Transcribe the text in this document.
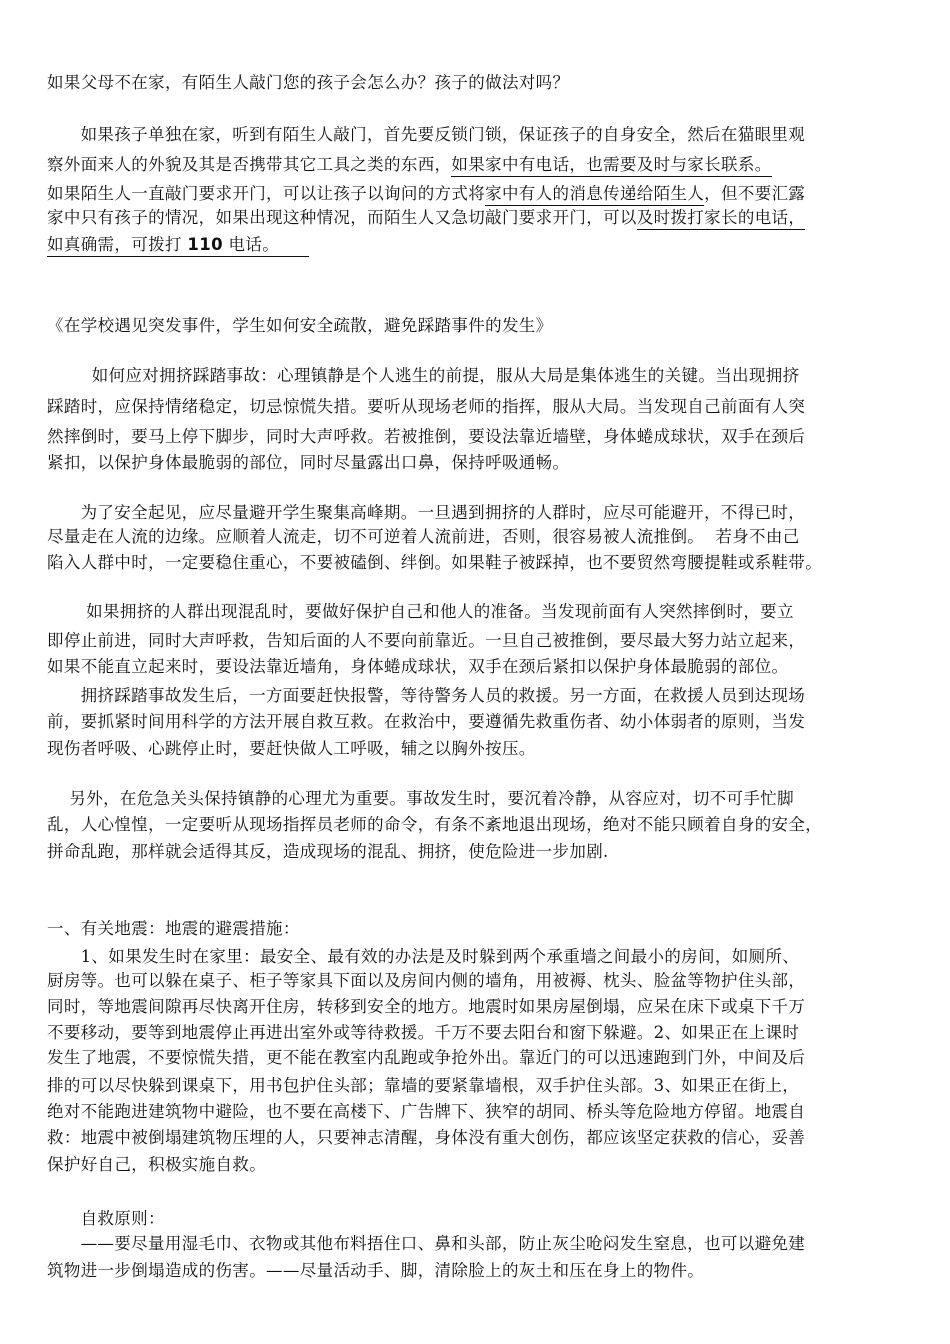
如果父母不在家，有陌生人敲门您的孩子会怎么办？孩子的做法对吗？
如果孩子单独在家，听到有陌生人敲门，首先要反锁门锁，保证孩子的自身安全，然后在猫眼里观
察外面来人的外貌及其是否携带其它工具之类的东西，如果家中有电话，也需要及时与家长联系。
如果陌生人一直敲门要求开门，可以让孩子以询问的方式将家中有人的消息传递给陌生人，但不要汇露
家中只有孩子的情况，如果出现这种情况，而陌生人又急切敲门要求开门，可以及时拨打家长的电话，
如真确需，可拨打 110 电话。
《在学校遇见突发事件，学生如何安全疏散，避免踩踏事件的发生》
如何应对拥挤踩踏事故：心理镇静是个人逃生的前提，服从大局是集体逃生的关键。当出现拥挤
踩踏时，应保持情绪稳定，切忌惊慌失措。要听从现场老师的指挥，服从大局。当发现自己前面有人突
然摔倒时，要马上停下脚步，同时大声呼救。若被推倒，要设法靠近墙壁，身体蜷成球状，双手在颈后
紧扣，以保护身体最脆弱的部位，同时尽量露出口鼻，保持呼吸通畅。
为了安全起见，应尽量避开学生聚集高峰期。一旦遇到拥挤的人群时，应尽可能避开，不得已时，
尽量走在人流的边缘。应顺着人流走，切不可逆着人流前进，否则，很容易被人流推倒。  若身不由己
陷入人群中时，一定要稳住重心，不要被磕倒、绊倒。如果鞋子被踩掉，也不要贸然弯腰提鞋或系鞋带。
如果拥挤的人群出现混乱时，要做好保护自己和他人的准备。当发现前面有人突然摔倒时，要立
即停止前进，同时大声呼救，告知后面的人不要向前靠近。一旦自己被推倒，要尽最大努力站立起来，
如果不能直立起来时，要设法靠近墙角，身体蜷成球状，双手在颈后紧扣以保护身体最脆弱的部位。
拥挤踩踏事故发生后，一方面要赶快报警，等待警务人员的救援。另一方面，在救援人员到达现场
前，要抓紧时间用科学的方法开展自救互救。在救治中，要遵循先救重伤者、幼小体弱者的原则，当发
现伤者呼吸、心跳停止时，要赶快做人工呼吸，辅之以胸外按压。
另外，在危急关头保持镇静的心理尤为重要。事故发生时，要沉着冷静，从容应对，切不可手忙脚
乱，人心惶惶，一定要听从现场指挥员老师的命令，有条不紊地退出现场，绝对不能只顾着自身的安全，
拼命乱跑，那样就会适得其反，造成现场的混乱、拥挤，使危险进一步加剧.
一、有关地震：地震的避震措施：
1、如果发生时在家里：最安全、最有效的办法是及时躲到两个承重墙之间最小的房间，如厕所、
厨房等。也可以躲在桌子、柜子等家具下面以及房间内侧的墙角，用被褥、枕头、脸盆等物护住头部，
同时，等地震间隙再尽快离开住房，转移到安全的地方。地震时如果房屋倒塌，应呆在床下或桌下千万
不要移动，要等到地震停止再进出室外或等待救援。千万不要去阳台和窗下躲避。2、如果正在上课时
发生了地震，不要惊慌失措，更不能在教室内乱跑或争抢外出。靠近门的可以迅速跑到门外，中间及后
排的可以尽快躲到课桌下，用书包护住头部；靠墙的要紧靠墙根，双手护住头部。3、如果正在街上，
绝对不能跑进建筑物中避险，也不要在高楼下、广告牌下、狭窄的胡同、桥头等危险地方停留。地震自
救：地震中被倒塌建筑物压埋的人，只要神志清醒，身体没有重大创伤，都应该坚定获救的信心，妥善
保护好自己，积极实施自救。
自救原则：
——要尽量用湿毛巾、衣物或其他布料捂住口、鼻和头部，防止灰尘呛闷发生窒息，也可以避免建
筑物进一步倒塌造成的伤害。——尽量活动手、脚，清除脸上的灰土和压在身上的物件。
